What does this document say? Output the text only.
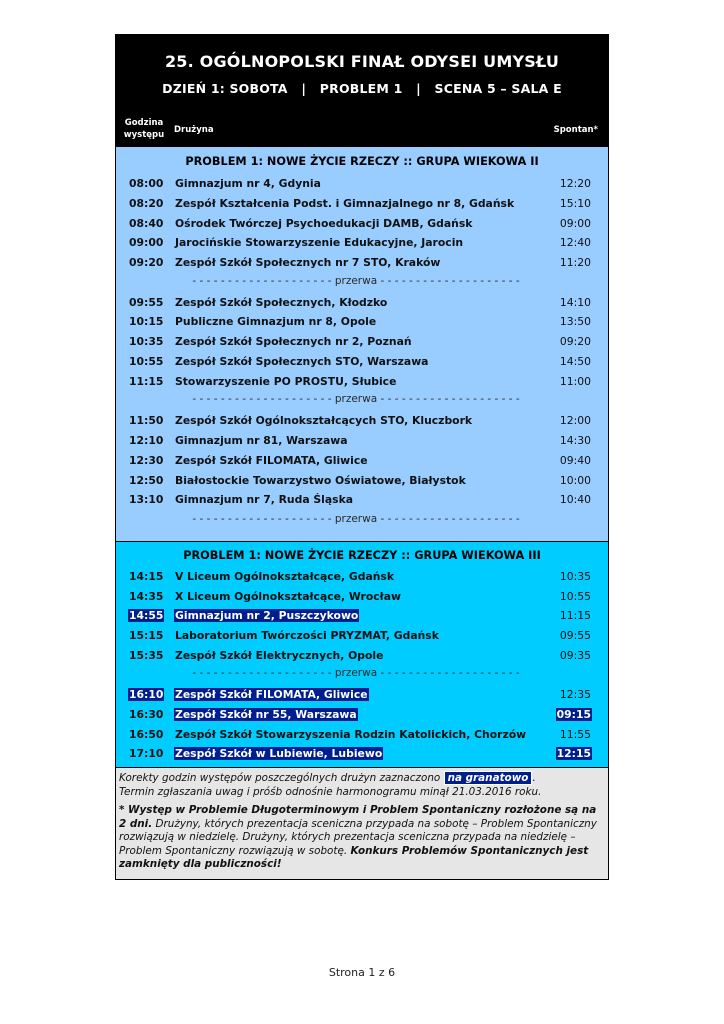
25. OGÓLNOPOLSKI FINAŁ ODYSEI UMYSŁU
DZIEŃ 1: SOBOTA   |   PROBLEM 1   |   SCENA 5 – SALA E
Godzina
występu	Drużyna	Spontan*
PROBLEM 1: NOWE ŻYCIE RZECZY :: GRUPA WIEKOWA II
08:00 Gimnazjum nr 4, Gdynia	12:20
08:20 Zespół Kształcenia Podst. i Gimnazjalnego nr 8, Gdańsk	15:10
08:40 Ośrodek Twórczej Psychoedukacji DAMB, Gdańsk	09:00
09:00 Jarocińskie Stowarzyszenie Edukacyjne, Jarocin	12:40
09:20 Zespół Szkół Społecznych nr 7 STO, Kraków	11:20
- - - - - - - - - - - - - - - - - - - - przerwa - - - - - - - - - - - - - - - - - - - -
09:55 Zespół Szkół Społecznych, Kłodzko	14:10
10:15 Publiczne Gimnazjum nr 8, Opole	13:50
10:35 Zespół Szkół Społecznych nr 2, Poznań	09:20
10:55 Zespół Szkół Społecznych STO, Warszawa	14:50
11:15 Stowarzyszenie PO PROSTU, Słubice	11:00
- - - - - - - - - - - - - - - - - - - - przerwa - - - - - - - - - - - - - - - - - - - -
11:50 Zespół Szkół Ogólnokształcących STO, Kluczbork	12:00
12:10 Gimnazjum nr 81, Warszawa	14:30
12:30 Zespół Szkół FILOMATA, Gliwice	09:40
12:50 Białostockie Towarzystwo Oświatowe, Białystok	10:00
13:10 Gimnazjum nr 7, Ruda Śląska	10:40
- - - - - - - - - - - - - - - - - - - - przerwa - - - - - - - - - - - - - - - - - - - -
PROBLEM 1: NOWE ŻYCIE RZECZY :: GRUPA WIEKOWA III
14:15 V Liceum Ogólnokształcące, Gdańsk	10:35
14:35 X Liceum Ogólnokształcące, Wrocław	10:55
14:55 Gimnazjum nr 2, Puszczykowo	11:15
15:15 Laboratorium Twórczości PRYZMAT, Gdańsk	09:55
15:35 Zespół Szkół Elektrycznych, Opole	09:35
- - - - - - - - - - - - - - - - - - - - przerwa - - - - - - - - - - - - - - - - - - - -
16:10 Zespół Szkół FILOMATA, Gliwice	12:35
16:30 Zespół Szkół nr 55, Warszawa	09:15
16:50 Zespół Szkół Stowarzyszenia Rodzin Katolickich, Chorzów	11:55
17:10 Zespół Szkół w Lubiewie, Lubiewo	12:15

Korekty godzin występów poszczególnych drużyn zaznaczono na granatowo .

Termin zgłaszania uwag i próśb odnośnie harmonogramu minął 21.03.2016 roku.

* Występ w Problemie Długoterminowym i Problem Spontaniczny rozłożone są na 2 dni. Drużyny, których prezentacja sceniczna przypada na sobotę – Problem Spontaniczny rozwiązują w niedzielę. Drużyny, których prezentacja sceniczna przypada na niedzielę – Problem Spontaniczny rozwiązują w sobotę. Konkurs Problemów Spontanicznych jest zamknięty dla publiczności!

Strona 1 z 6
